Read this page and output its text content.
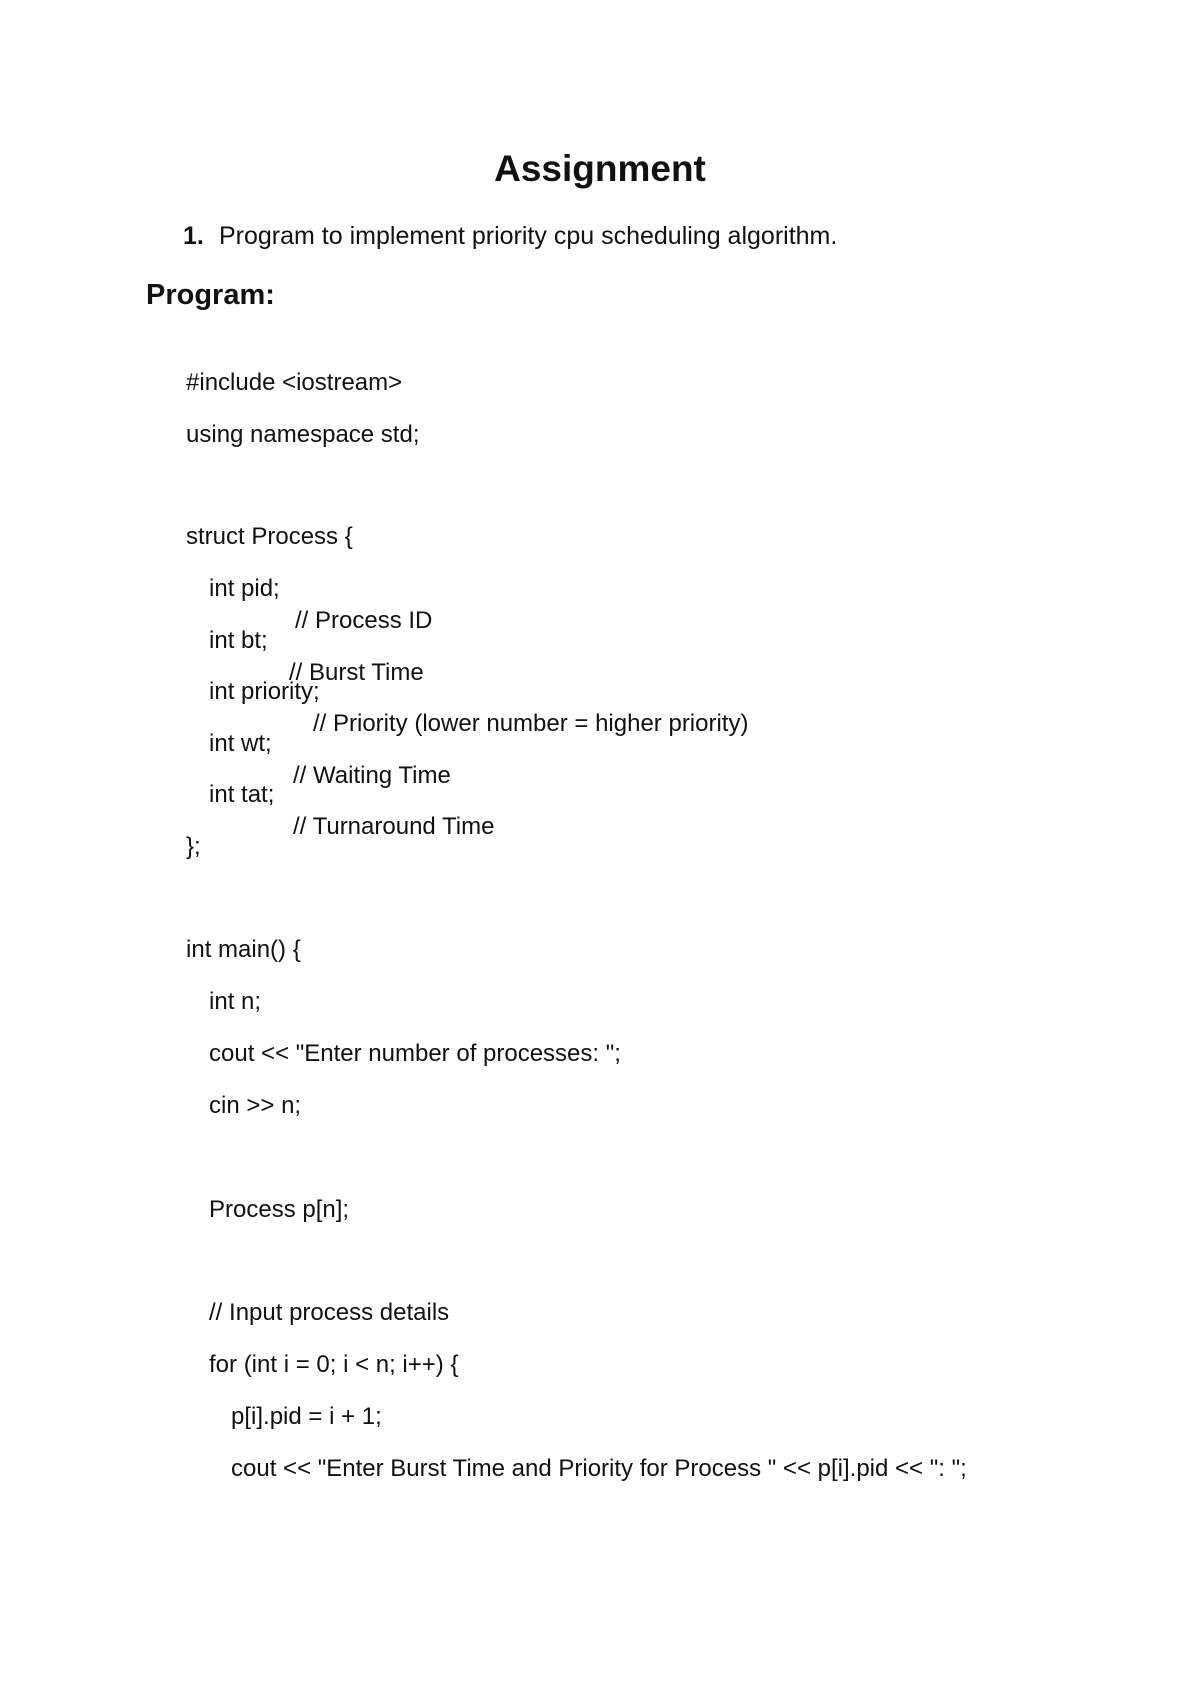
Assignment
1. Program to implement priority cpu scheduling algorithm.
Program:

#include <iostream>

using namespace std;

struct Process {

int pid;

// Process ID

int bt;

// Burst Time

int priority;

// Priority (lower number = higher priority)

int wt;

// Waiting Time

int tat;

// Turnaround Time

};

int main() {

int n;

cout << "Enter number of processes: ";

cin >> n;

Process p[n];

// Input process details

for (int i = 0; i < n; i++) {

p[i].pid = i + 1;

cout << "Enter Burst Time and Priority for Process " << p[i].pid << ": ";
